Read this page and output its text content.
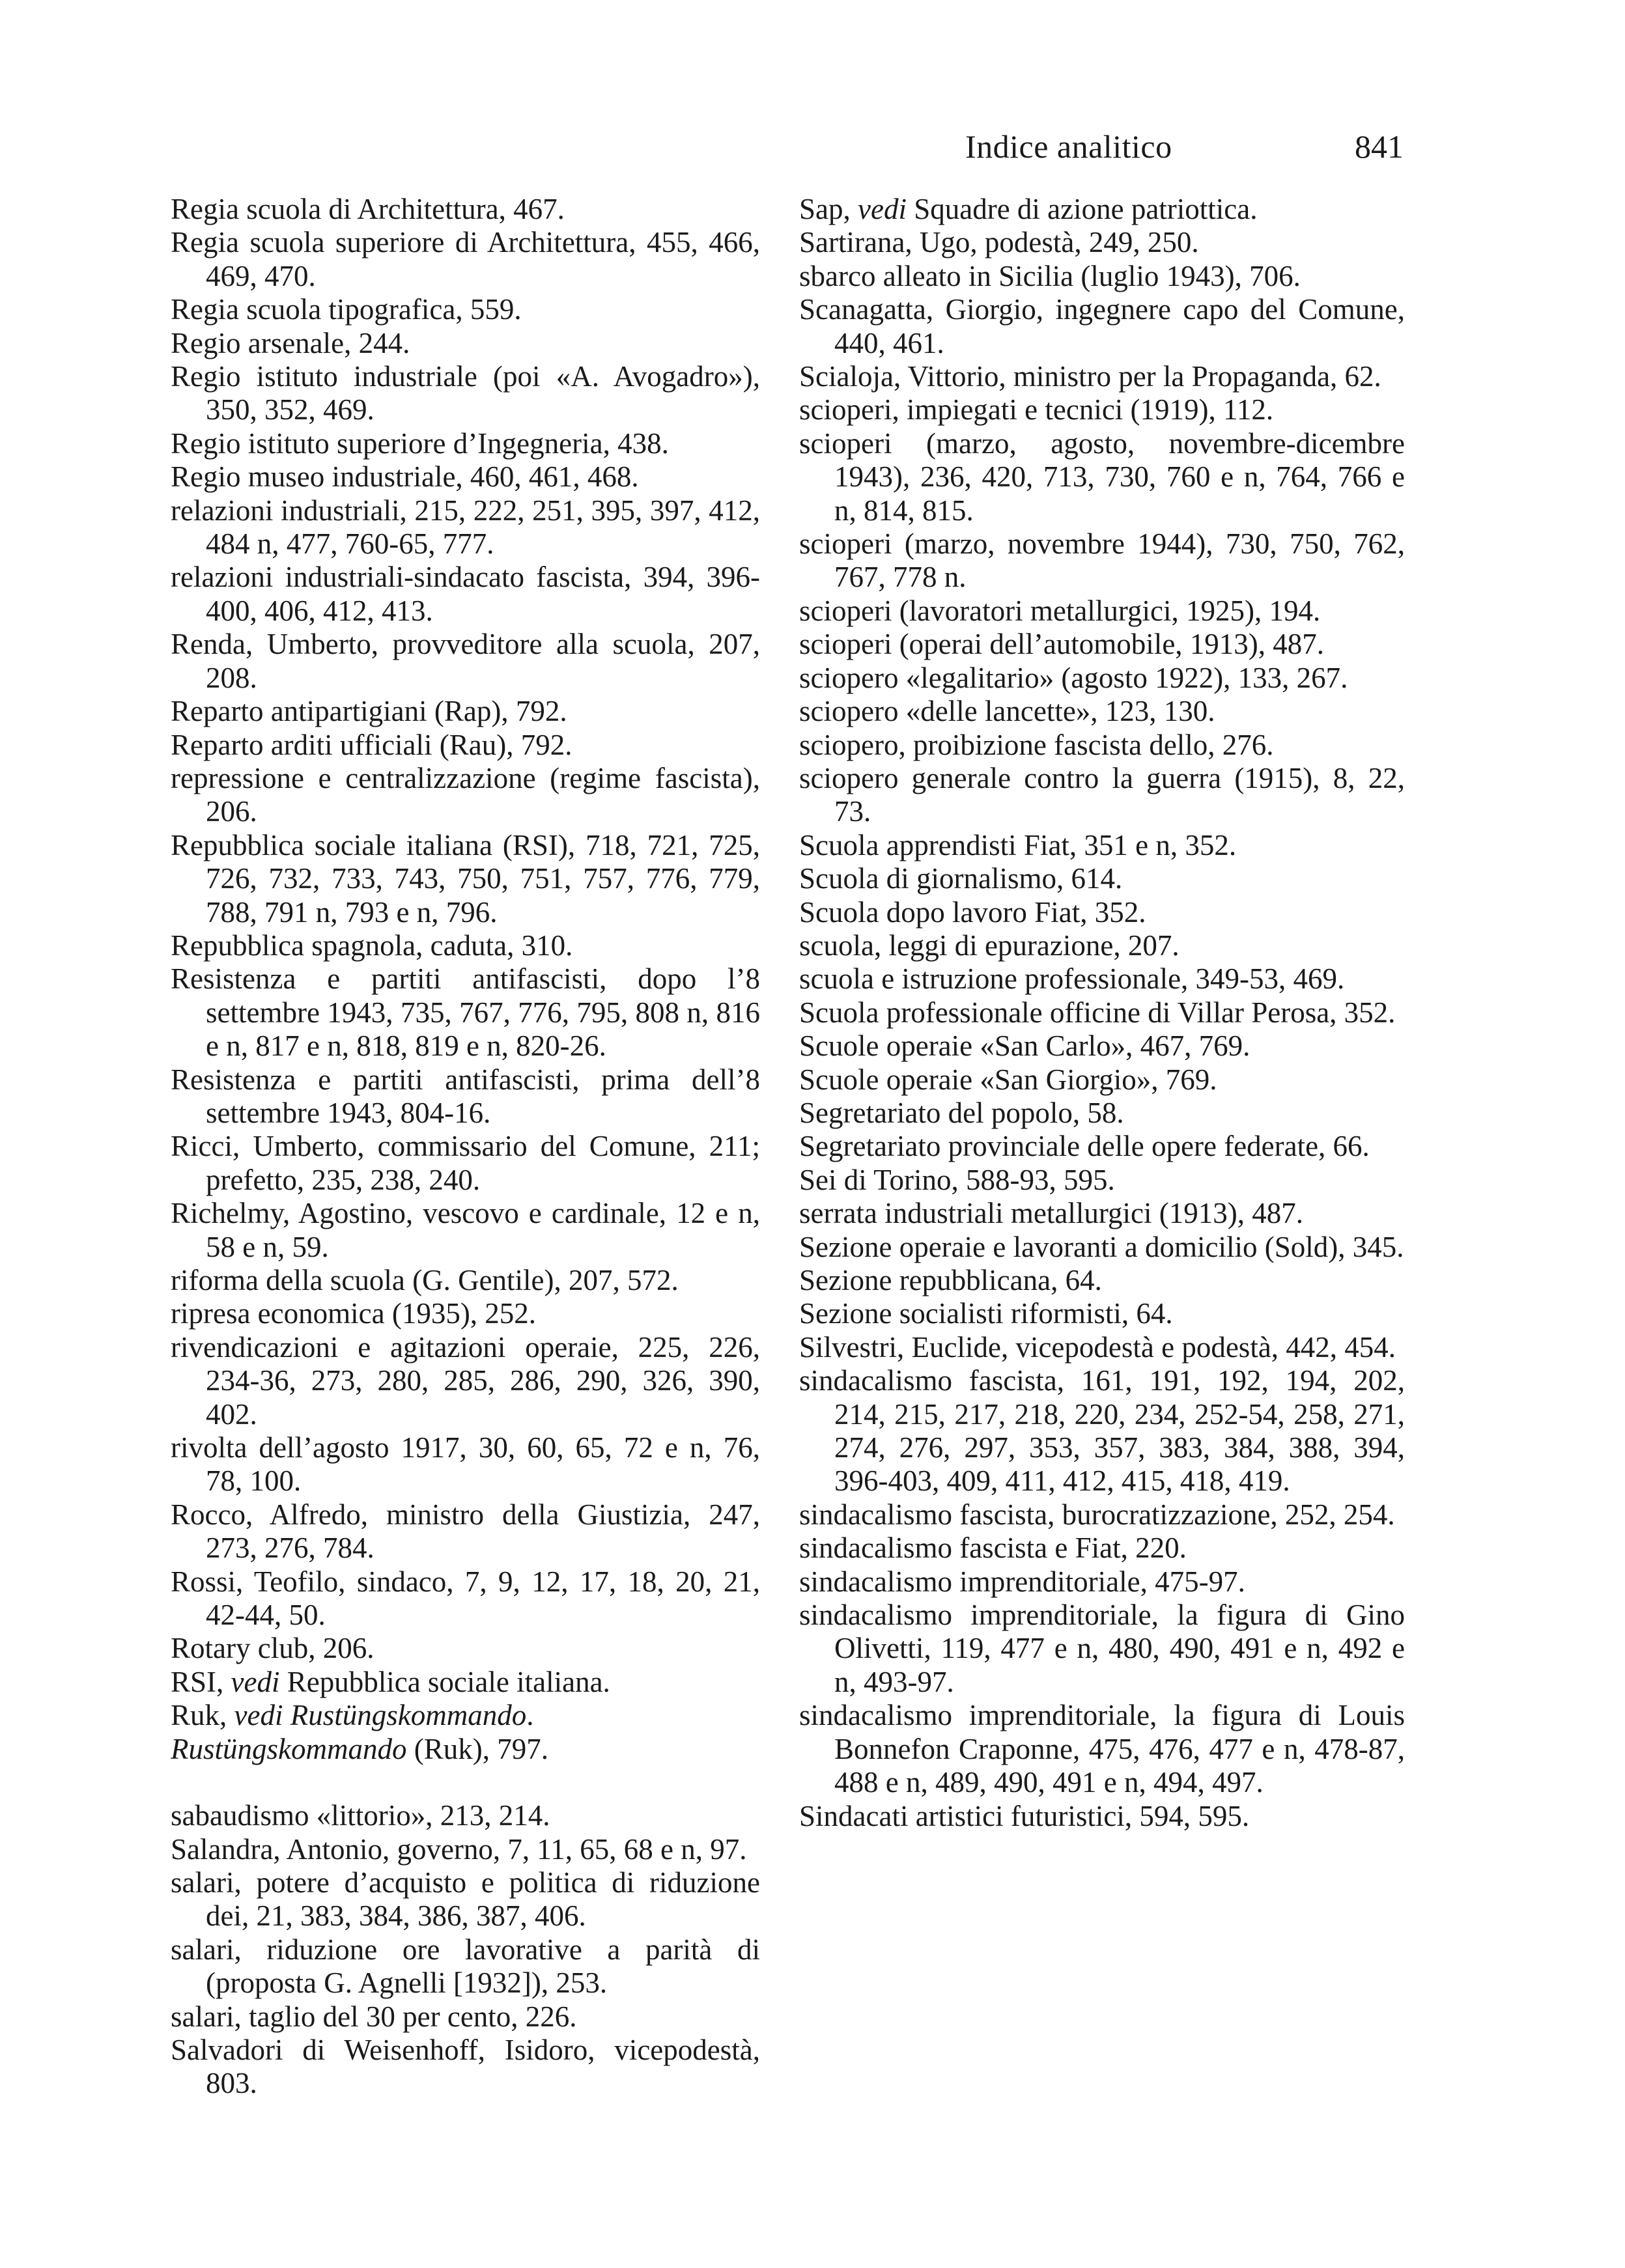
Indice analitico	841

Regia scuola di Architettura, 467.

Regia scuola superiore di Architettura, 455, 466, 469, 470.

Regia scuola tipografica, 559.

Regio arsenale, 244.

Regio istituto industriale (poi «A. Avogadro»), 350, 352, 469.

Regio istituto superiore d’Ingegneria, 438.

Regio museo industriale, 460, 461, 468.

relazioni industriali, 215, 222, 251, 395, 397, 412, 484 n, 477, 760-65, 777.

relazioni industriali-sindacato fascista, 394, 396-400, 406, 412, 413.

Renda, Umberto, provveditore alla scuola, 207, 208.

Reparto antipartigiani (Rap), 792.

Reparto arditi ufficiali (Rau), 792.

repressione e centralizzazione (regime fascista), 206.

Repubblica sociale italiana (RSI), 718, 721, 725, 726, 732, 733, 743, 750, 751, 757, 776, 779, 788, 791 n, 793 e n, 796.

Repubblica spagnola, caduta, 310.

Resistenza e partiti antifascisti, dopo l’8 settembre 1943, 735, 767, 776, 795, 808 n, 816 e n, 817 e n, 818, 819 e n, 820-26.

Resistenza e partiti antifascisti, prima dell’8 settembre 1943, 804-16.

Ricci, Umberto, commissario del Comune, 211; prefetto, 235, 238, 240.

Richelmy, Agostino, vescovo e cardinale, 12 e n, 58 e n, 59.

riforma della scuola (G. Gentile), 207, 572.

ripresa economica (1935), 252.

rivendicazioni e agitazioni operaie, 225, 226, 234-36, 273, 280, 285, 286, 290, 326, 390, 402.

rivolta dell’agosto 1917, 30, 60, 65, 72 e n, 76, 78, 100.

Rocco, Alfredo, ministro della Giustizia, 247, 273, 276, 784.

Rossi, Teofilo, sindaco, 7, 9, 12, 17, 18, 20, 21, 42-44, 50.

Rotary club, 206.

RSI, vedi Repubblica sociale italiana.

Ruk, vedi Rustüngskommando.

Rustüngskommando (Ruk), 797.

sabaudismo «littorio», 213, 214.

Salandra, Antonio, governo, 7, 11, 65, 68 e n, 97.

salari, potere d’acquisto e politica di riduzione dei, 21, 383, 384, 386, 387, 406.

salari, riduzione ore lavorative a parità di (proposta G. Agnelli [1932]), 253.

salari, taglio del 30 per cento, 226.

Salvadori di Weisenhoff, Isidoro, vicepodestà, 803.

Sap, vedi Squadre di azione patriottica.

Sartirana, Ugo, podestà, 249, 250.

sbarco alleato in Sicilia (luglio 1943), 706.

Scanagatta, Giorgio, ingegnere capo del Comune, 440, 461.

Scialoja, Vittorio, ministro per la Propaganda, 62.

scioperi, impiegati e tecnici (1919), 112.

scioperi (marzo, agosto, novembre-dicembre 1943), 236, 420, 713, 730, 760 e n, 764, 766 e n, 814, 815.

scioperi (marzo, novembre 1944), 730, 750, 762, 767, 778 n.

scioperi (lavoratori metallurgici, 1925), 194.

scioperi (operai dell’automobile, 1913), 487.

sciopero «legalitario» (agosto 1922), 133, 267.

sciopero «delle lancette», 123, 130.

sciopero, proibizione fascista dello, 276.

sciopero generale contro la guerra (1915), 8, 22, 73.

Scuola apprendisti Fiat, 351 e n, 352.

Scuola di giornalismo, 614.

Scuola dopo lavoro Fiat, 352.

scuola, leggi di epurazione, 207.

scuola e istruzione professionale, 349-53, 469.

Scuola professionale officine di Villar Perosa, 352.

Scuole operaie «San Carlo», 467, 769.

Scuole operaie «San Giorgio», 769.

Segretariato del popolo, 58.

Segretariato provinciale delle opere federate, 66.

Sei di Torino, 588-93, 595.

serrata industriali metallurgici (1913), 487.

Sezione operaie e lavoranti a domicilio (Sold), 345.

Sezione repubblicana, 64.

Sezione socialisti riformisti, 64.

Silvestri, Euclide, vicepodestà e podestà, 442, 454.

sindacalismo fascista, 161, 191, 192, 194, 202, 214, 215, 217, 218, 220, 234, 252-54, 258, 271, 274, 276, 297, 353, 357, 383, 384, 388, 394, 396-403, 409, 411, 412, 415, 418, 419.

sindacalismo fascista, burocratizzazione, 252, 254.

sindacalismo fascista e Fiat, 220.

sindacalismo imprenditoriale, 475-97.

sindacalismo imprenditoriale, la figura di Gino Olivetti, 119, 477 e n, 480, 490, 491 e n, 492 e n, 493-97.

sindacalismo imprenditoriale, la figura di Louis Bonnefon Craponne, 475, 476, 477 e n, 478-87, 488 e n, 489, 490, 491 e n, 494, 497.

Sindacati artistici futuristici, 594, 595.
